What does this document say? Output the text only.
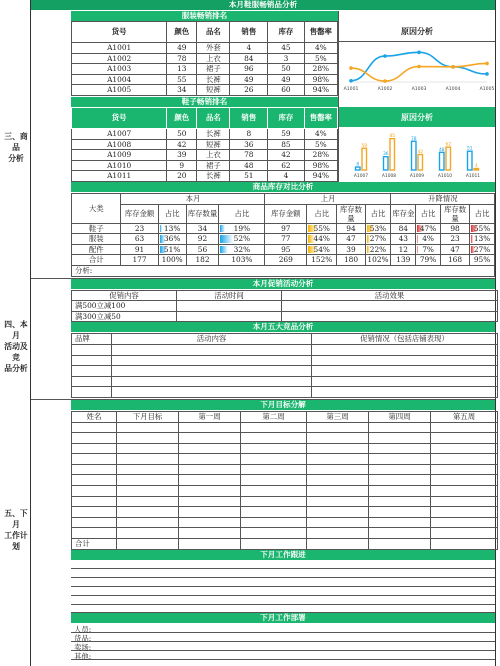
本月鞋服畅销品分析
三、商品
分析
服装畅销排名
货号	颜色	品名	销售	库存	售罄率
A1001	49	外套	4	45	4%
A1002	78	上衣	84	3	5%
A1003	13	裙子	96	50	28%
A1004	55	长裤	49	49	98%
A1005	34	短裤	26	60	94%
原因分析
A1001	A1002	A1003	A1004	A1005
鞋子畅销排名
货号	颜色	品名	销售	库存	售罄率
A1007	50	长裤	8	59	4%
A1008	42	短裤	36	85	5%
A1009	39	上衣	78	42	28%
A1010	9	裙子	48	62	98%
A1011	20	长裤	51	4	94%
原因分析
8
59
A1007
36
85
A1008
78
42
A1009
48
62
A1010
51
4
A1011
商品库存对比分析
大类	本月				上月				升降情况			
	库存金额	占比	库存数量	占比	库存金额	占比	库存数量	占比	库存金	占比	库存数量	占比
鞋子	23	13%	34	19%	97	55%	94	53%	84	47%	98	55%
服装	63	36%	92	52%	77	44%	47	27%	43	4%	23	13%
配件	91	51%	56	32%	95	54%	39	22%	12	7%	47	27%
合计	177	100%	182	103%	269	152%	180	102%	139	79%	168	95%
分析:												
四、本月
活动及竞
品分析
本月促销活动分析
促销内容	活动时间	活动效果
满500立减100		
满300立减50		
本月五大竞品分析
品牌	活动内容	促销情况（包括店铺表现）

五、下月
工作计划
下月目标分解
姓名	下月目标	第一周	第二周	第三周	第四周	第五周

合计						
下月工作跟进
下月工作部署
人员:
货品:
卖场:
其他:
